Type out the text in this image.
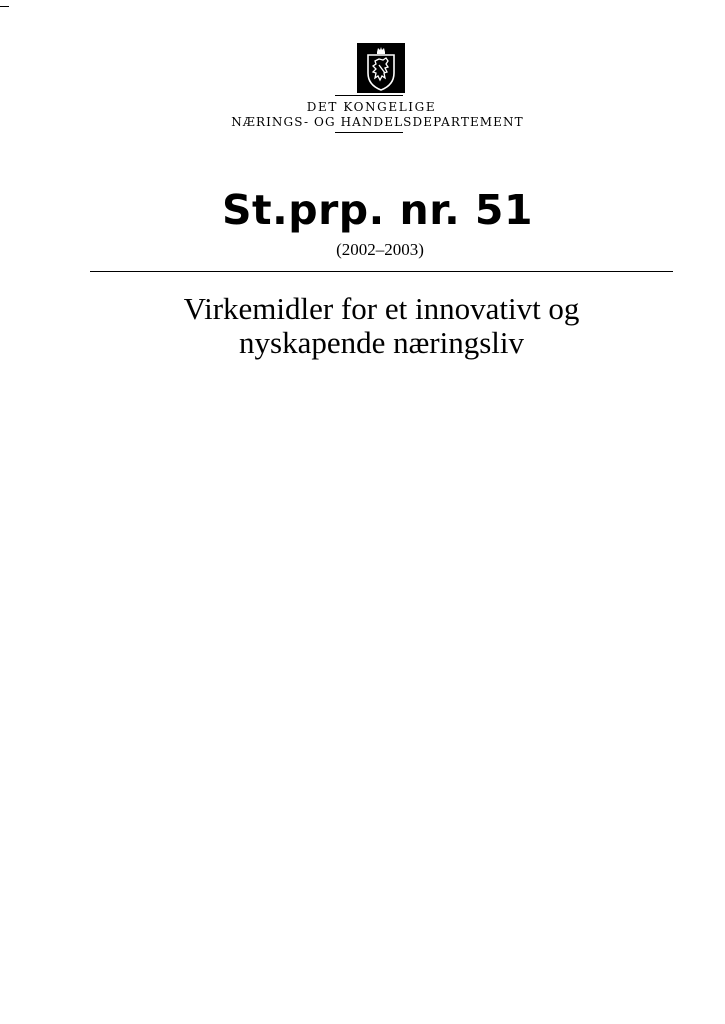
DET KONGELIGE
NÆRINGS- OG HANDELSDEPARTEMENT
St.prp. nr. 51
(2002–2003)
Virkemidler for et innovativt og
nyskapende næringsliv
